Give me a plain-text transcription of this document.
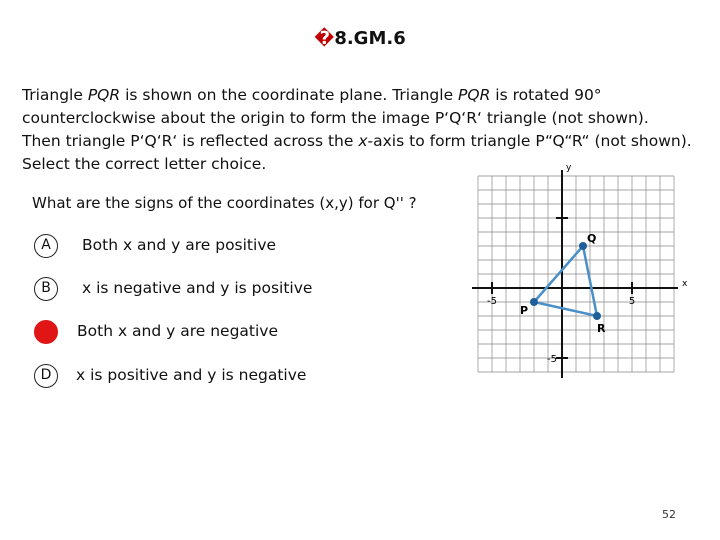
�8.GM.6
Triangle PQR is shown on the coordinate plane. Triangle PQR is rotated 90°
counterclockwise about the origin to form the image P‘Q‘R‘ triangle (not shown).
Then triangle P‘Q‘R‘ is reflected across the x-axis to form triangle P“Q“R“ (not shown).
Select the correct letter choice.
What are the signs of the coordinates (x,y) for Q'' ?
A	Both x and y are positive
B	x is negative and y is positive
Both x and y are negative
D	x is positive and y is negative
y
x
-5	5
-5
P
Q
R
52
